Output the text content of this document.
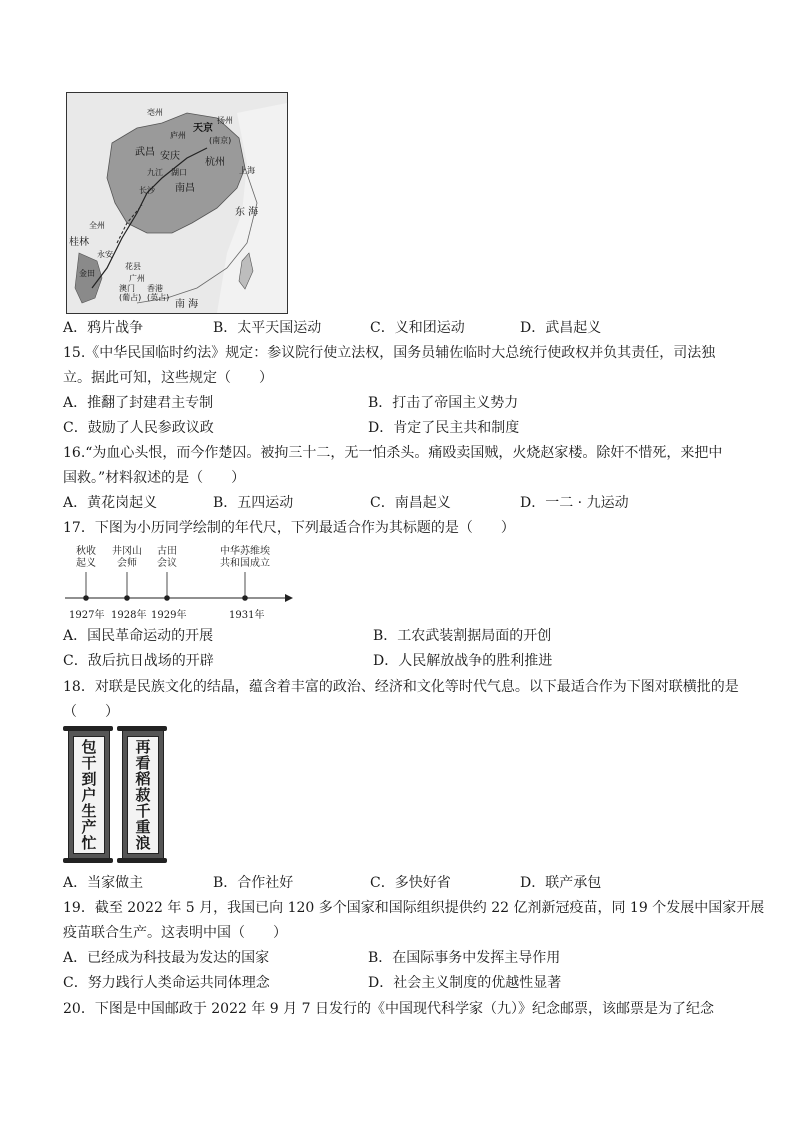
亳州
扬州
天京
(南京)
庐州
武昌 安庆
杭州
上海
九江 湖口
南昌
长沙
东 海
全州
桂林
永安
金田
花县
广州
澳门
(葡占)
香港
(英占)
南 海
A．鸦片战争	B．太平天国运动	C．义和团运动	D．武昌起义
15.《中华民国临时约法》规定：参议院行使立法权，国务员辅佐临时大总统行使政权并负其责任，司法独
立。据此可知，这些规定（　　）
A．推翻了封建君主专制	B．打击了帝国主义势力
C．鼓励了人民参政议政	D．肯定了民主共和制度
16.“为血心头恨，而今作楚囚。被拘三十二，无一怕杀头。痛殴卖国贼，火烧赵家楼。除奸不惜死，来把中
国救。”材料叙述的是（　　）
A．黄花岗起义	B．五四运动	C．南昌起义	D．一二 · 九运动
17．下图为小历同学绘制的年代尺，下列最适合作为其标题的是（　　）
秋收
起义
井冈山
会师
古田
会议
中华苏维埃
共和国成立
1927年 1928年 1929年	1931年
A．国民革命运动的开展	B．工农武装割据局面的开创
C．敌后抗日战场的开辟	D．人民解放战争的胜利推进
18．对联是民族文化的结晶，蕴含着丰富的政治、经济和文化等时代气息。以下最适合作为下图对联横批的是
（　　）
包干到户生产忙	再看稻菽千重浪
A．当家做主	B．合作社好	C．多快好省	D．联产承包
19．截至 2022 年 5 月，我国已向 120 多个国家和国际组织提供约 22 亿剂新冠疫苗，同 19 个发展中国家开展
疫苗联合生产。这表明中国（　　）
A．已经成为科技最为发达的国家	B．在国际事务中发挥主导作用
C．努力践行人类命运共同体理念	D．社会主义制度的优越性显著
20．下图是中国邮政于 2022 年 9 月 7 日发行的《中国现代科学家（九）》纪念邮票，该邮票是为了纪念
